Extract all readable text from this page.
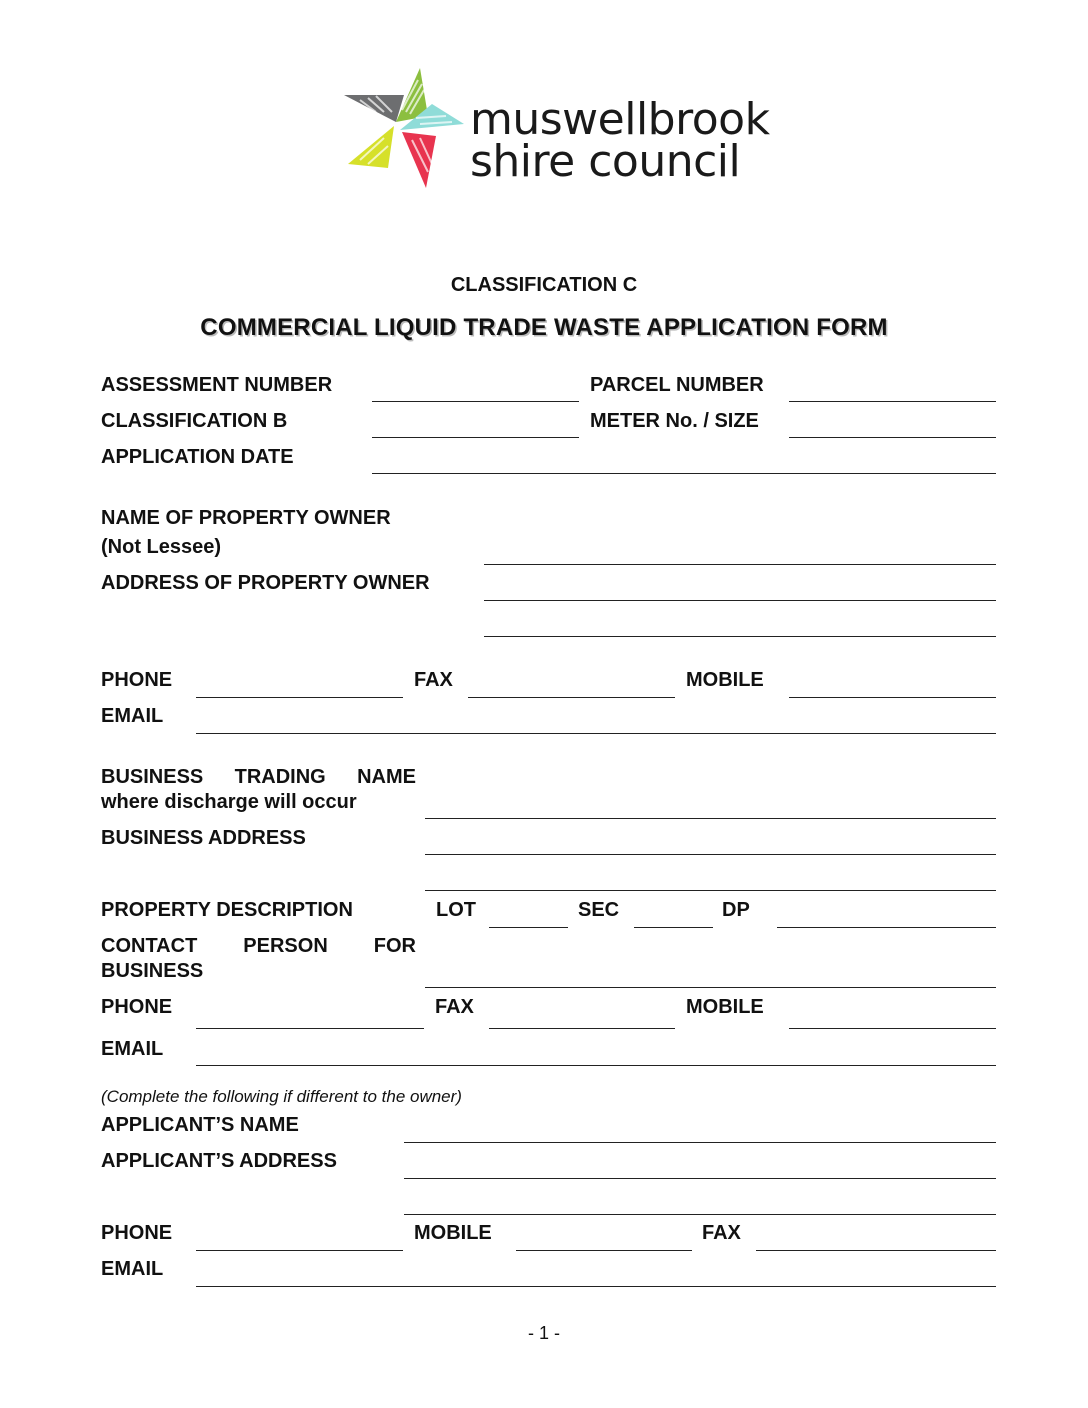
muswellbrook
shire council
CLASSIFICATION C
COMMERCIAL LIQUID TRADE WASTE APPLICATION FORM
ASSESSMENT NUMBER	PARCEL NUMBER
CLASSIFICATION B	METER No. / SIZE
APPLICATION DATE
NAME OF PROPERTY OWNER
(Not Lessee)
ADDRESS OF PROPERTY OWNER
PHONE	FAX	MOBILE
EMAIL
BUSINESS TRADING NAME
where discharge will occur
BUSINESS ADDRESS
PROPERTY DESCRIPTION	LOT	SEC	DP
CONTACT PERSON FOR
BUSINESS
PHONE	FAX	MOBILE
EMAIL
(Complete the following if different to the owner)
APPLICANT’S NAME
APPLICANT’S ADDRESS
PHONE	MOBILE	FAX
EMAIL
- 1 -
